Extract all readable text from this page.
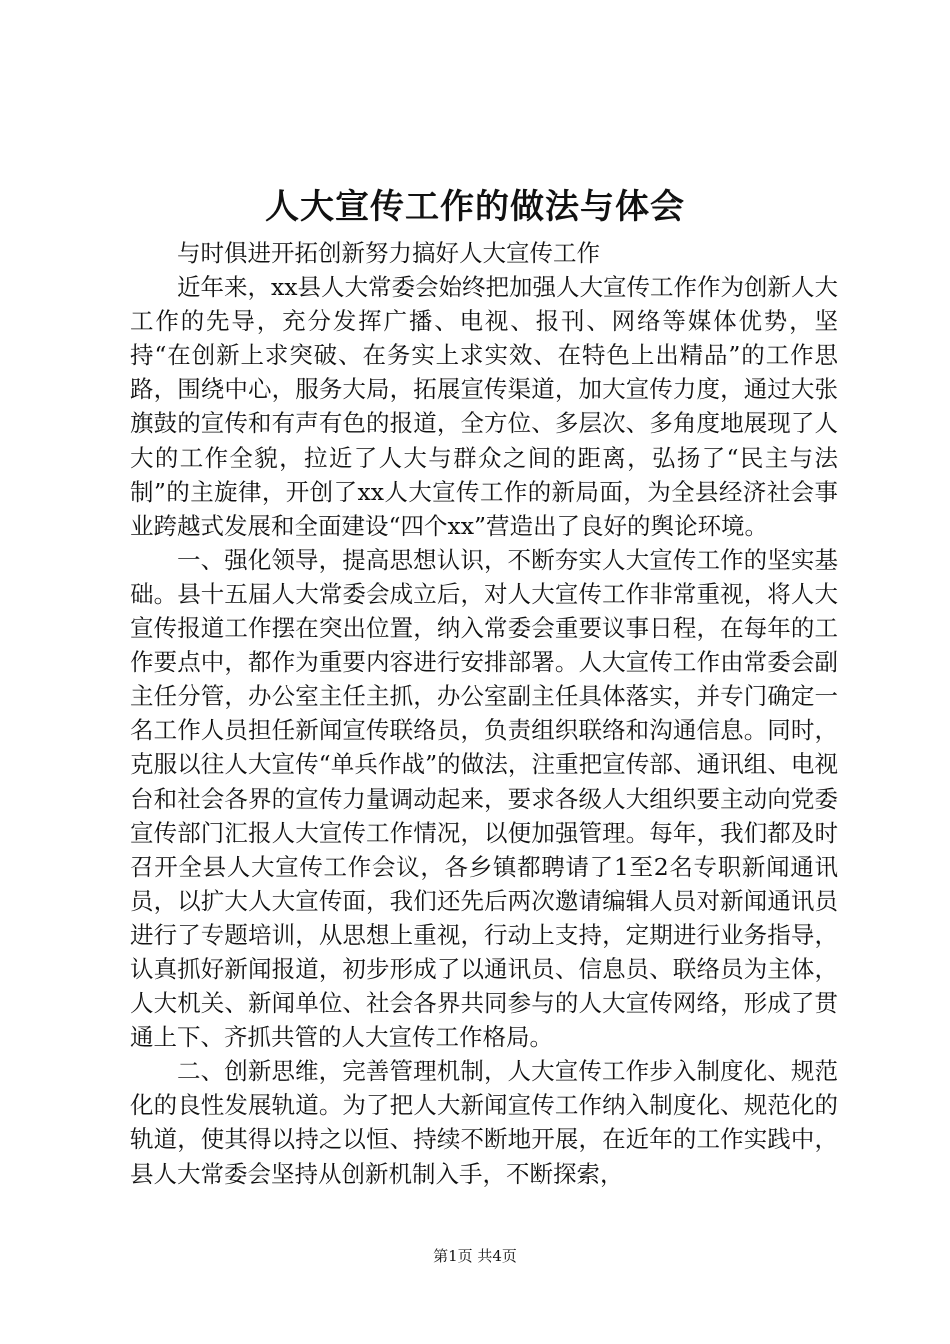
人大宣传工作的做法与体会

与时俱进开拓创新努力搞好人大宣传工作

近年来，xx县人大常委会始终把加强人大宣传工作作为创新人大工作的先导，充分发挥广播、电视、报刊、网络等媒体优势，坚持“在创新上求突破、在务实上求实效、在特色上出精品”的工作思路，围绕中心，服务大局，拓展宣传渠道，加大宣传力度，通过大张旗鼓的宣传和有声有色的报道，全方位、多层次、多角度地展现了人大的工作全貌，拉近了人大与群众之间的距离，弘扬了“民主与法制”的主旋律，开创了xx人大宣传工作的新局面，为全县经济社会事业跨越式发展和全面建设“四个xx”营造出了良好的舆论环境。

一、强化领导，提高思想认识，不断夯实人大宣传工作的坚实基础。县十五届人大常委会成立后，对人大宣传工作非常重视，将人大宣传报道工作摆在突出位置，纳入常委会重要议事日程，在每年的工作要点中，都作为重要内容进行安排部署。人大宣传工作由常委会副主任分管，办公室主任主抓，办公室副主任具体落实，并专门确定一名工作人员担任新闻宣传联络员，负责组织联络和沟通信息。同时，克服以往人大宣传“单兵作战”的做法，注重把宣传部、通讯组、电视台和社会各界的宣传力量调动起来，要求各级人大组织要主动向党委宣传部门汇报人大宣传工作情况，以便加强管理。每年，我们都及时召开全县人大宣传工作会议，各乡镇都聘请了1至2名专职新闻通讯员，以扩大人大宣传面，我们还先后两次邀请编辑人员对新闻通讯员进行了专题培训，从思想上重视，行动上支持，定期进行业务指导，认真抓好新闻报道，初步形成了以通讯员、信息员、联络员为主体，人大机关、新闻单位、社会各界共同参与的人大宣传网络，形成了贯通上下、齐抓共管的人大宣传工作格局。

二、创新思维，完善管理机制，人大宣传工作步入制度化、规范化的良性发展轨道。为了把人大新闻宣传工作纳入制度化、规范化的轨道，使其得以持之以恒、持续不断地开展，在近年的工作实践中，县人大常委会坚持从创新机制入手，不断探索，

第1页 共4页
